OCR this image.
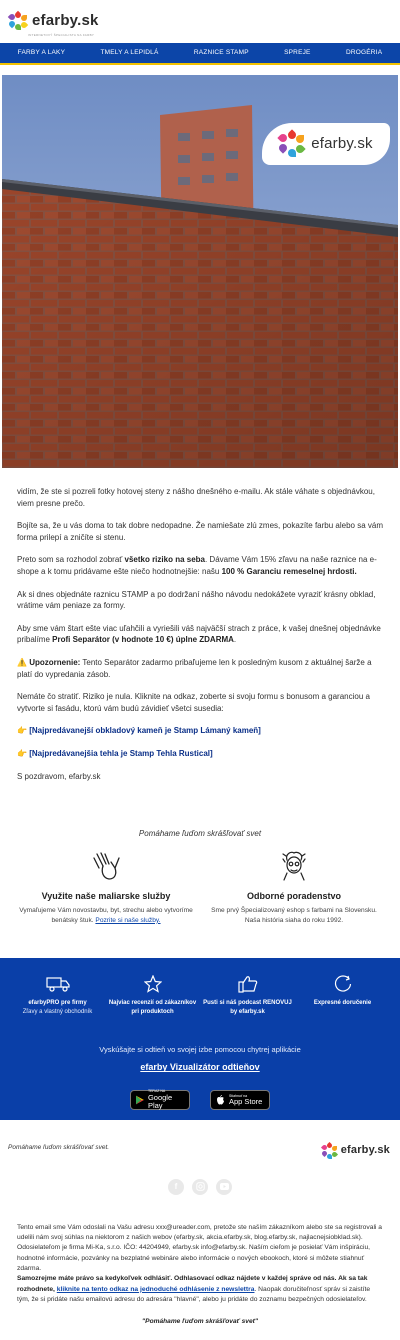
efarby.sk
INTERNETOVÝ ŠPECIALISTA NA FARBY
FARBY A LAKY	TMELY A LEPIDLÁ	RAZNICE STAMP	SPREJE	DROGÉRIA
efarby.sk

vidím, že ste si pozreli fotky hotovej steny z nášho dnešného e-mailu. Ak stále váhate s objednávkou, viem presne prečo.

Bojíte sa, že u vás doma to tak dobre nedopadne. Že namiešate zlú zmes, pokazíte farbu alebo sa vám forma prilepí a zničíte si stenu.

Preto som sa rozhodol zobrať všetko riziko na seba. Dávame Vám 15% zľavu na naše raznice na e-shope a k tomu pridávame ešte niečo hodnotnejšie: našu 100 % Garanciu remeselnej hrdosti.

Ak si dnes objednáte raznicu STAMP a po dodržaní nášho návodu nedokážete vyraziť krásny obklad, vrátime vám peniaze za formy.

Aby sme vám štart ešte viac uľahčili a vyriešili váš najväčší strach z práce, k vašej dnešnej objednávke pribalíme Profi Separátor (v hodnote 10 €) úplne ZDARMA.

⚠️ Upozornenie: Tento Separátor zadarmo pribaľujeme len k posledným kusom z aktuálnej šarže a platí do vypredania zásob.

Nemáte čo stratiť. Riziko je nula. Kliknite na odkaz, zoberte si svoju formu s bonusom a garanciou a vytvorte si fasádu, ktorú vám budú závidieť všetci susedia:

👉 [Najpredávanejší obkladový kameň je Stamp Lámaný kameň]

👉 [Najpredávanejšia tehla je Stamp Tehla Rustical]

S pozdravom, efarby.sk

Pomáhame ľuďom skrášľovať svet
Využite naše maliarske služby

Vymaľujeme Vám novostavbu, byt, strechu alebo vytvoríme benátsky štuk. Pozrite si naše služby.

Odborné poradenstvo

Sme prvý Špecializovaný eshop s farbami na Slovensku. Naša história siaha do roku 1992.

efarbyPRO pre firmy
Zľavy a vlastný obchodník
Najviac recenzií od zákazníkov pri produktoch
Pusti si náš podcast RENOVUJ by efarby.sk
Expresné doručenie
Vyskúšajte si odtieň vo svojej izbe pomocou chytrej aplikácie
efarby Vizualizátor odtieňov
TERAZ NA
Google Play
Stiahnuť na
App Store
Pomáhame ľuďom skrášľovať svet.	efarby.sk
f

Tento email sme Vám odoslali na Vašu adresu xxx@ureader.com, pretože ste naším zákazníkom alebo ste sa registrovali a udelili nám svoj súhlas na niektorom z našich webov (efarby.sk, akcia.efarby.sk, blog.efarby.sk, najlacnejsiobklad.sk). Odosielateľom je firma Mi-Ka, s.r.o. IČO: 44204949, efarby.sk info@efarby.sk. Naším cieľom je posielať Vám inšpiráciu, hodnotné informácie, pozvánky na bezplatné webináre alebo informácie o nových ebookoch, ktoré si môžete stiahnuť zdarma.

Samozrejme máte právo sa kedykoľvek odhlásiť. Odhlasovací odkaz nájdete v každej správe od nás. Ak sa tak rozhodnete, kliknite na tento odkaz na jednoduché odhlásenie z newslettra. Naopak doručiteľnosť správ si zaistíte tým, že si pridáte našu emailovú adresu do adresára "hlavné", alebo ju pridáte do zoznamu bezpečných odosielateľov.

"Pomáhame ľuďom skrášľovať svet"
